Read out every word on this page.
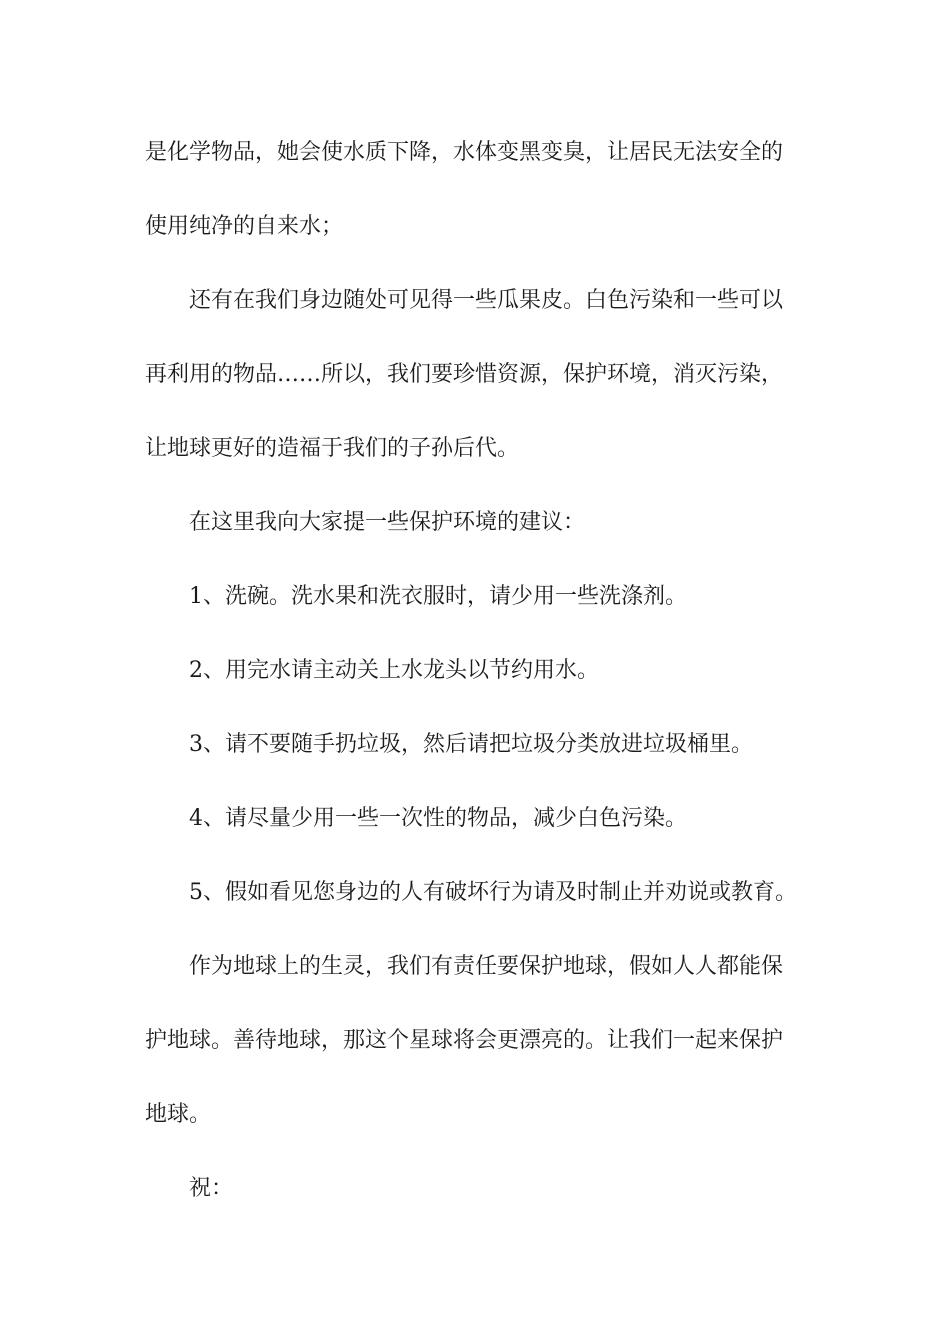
是化学物品，她会使水质下降，水体变黑变臭，让居民无法安全的

使用纯净的自来水；

还有在我们身边随处可见得一些瓜果皮。白色污染和一些可以

再利用的物品……所以，我们要珍惜资源，保护环境，消灭污染，

让地球更好的造福于我们的子孙后代。

在这里我向大家提一些保护环境的建议：

1、洗碗。洗水果和洗衣服时，请少用一些洗涤剂。

2、用完水请主动关上水龙头以节约用水。

3、请不要随手扔垃圾，然后请把垃圾分类放进垃圾桶里。

4、请尽量少用一些一次性的物品，减少白色污染。

5、假如看见您身边的人有破坏行为请及时制止并劝说或教育。

作为地球上的生灵，我们有责任要保护地球，假如人人都能保

护地球。善待地球，那这个星球将会更漂亮的。让我们一起来保护

地球。

祝：
